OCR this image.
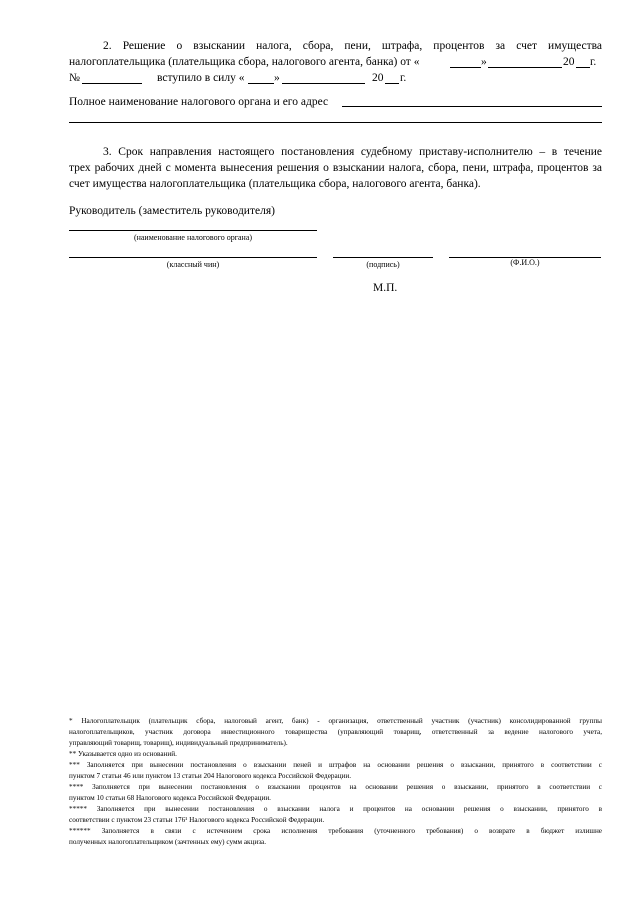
2. Решение о взыскании налога, сбора, пени, штрафа, процентов за счет имущества
налогоплательщика (плательщика сбора, налогового агента, банка) от «	»	20 г.
№	вступило в силу «	»	20 г.
Полное наименование налогового органа и его адрес
3. Срок направления настоящего постановления судебному приставу-исполнителю – в течение
трех рабочих дней с момента вынесения решения о взыскании налога, сбора, пени, штрафа, процентов за
счет имущества налогоплательщика (плательщика сбора, налогового агента, банка).
Руководитель (заместитель руководителя)
(наименование налогового органа)
(классный чин)	(подпись)	(Ф.И.О.)
М.П.
* Налогоплательщик (плательщик сбора, налоговый агент, банк) - организация, ответственный участник (участник) консолидированной группы
налогоплательщиков, участник договора инвестиционного товарищества (управляющий товарищ, ответственный за ведение налогового учета,
управляющий товарищ, товарищ), индивидуальный предприниматель).
** Указывается одно из оснований.
*** Заполняется при вынесении постановления о взыскании пеней и штрафов на основании решения о взыскании, принятого в соответствии с
пунктом 7 статьи 46 или пунктом 13 статьи 204 Налогового кодекса Российской Федерации.
**** Заполняется при вынесении постановления о взыскании процентов на основании решения о взыскании, принятого в соответствии с
пунктом 10 статьи 68 Налогового кодекса Российской Федерации.
***** Заполняется при вынесении постановления о взыскании налога и процентов на основании решения о взыскании, принятого в
соответствии с пунктом 23 статьи 176¹ Налогового кодекса Российской Федерации.
****** Заполняется в связи с истечением срока исполнения требования (уточненного требования) о возврате в бюджет излишне
полученных налогоплательщиком (зачтенных ему) сумм акциза.
